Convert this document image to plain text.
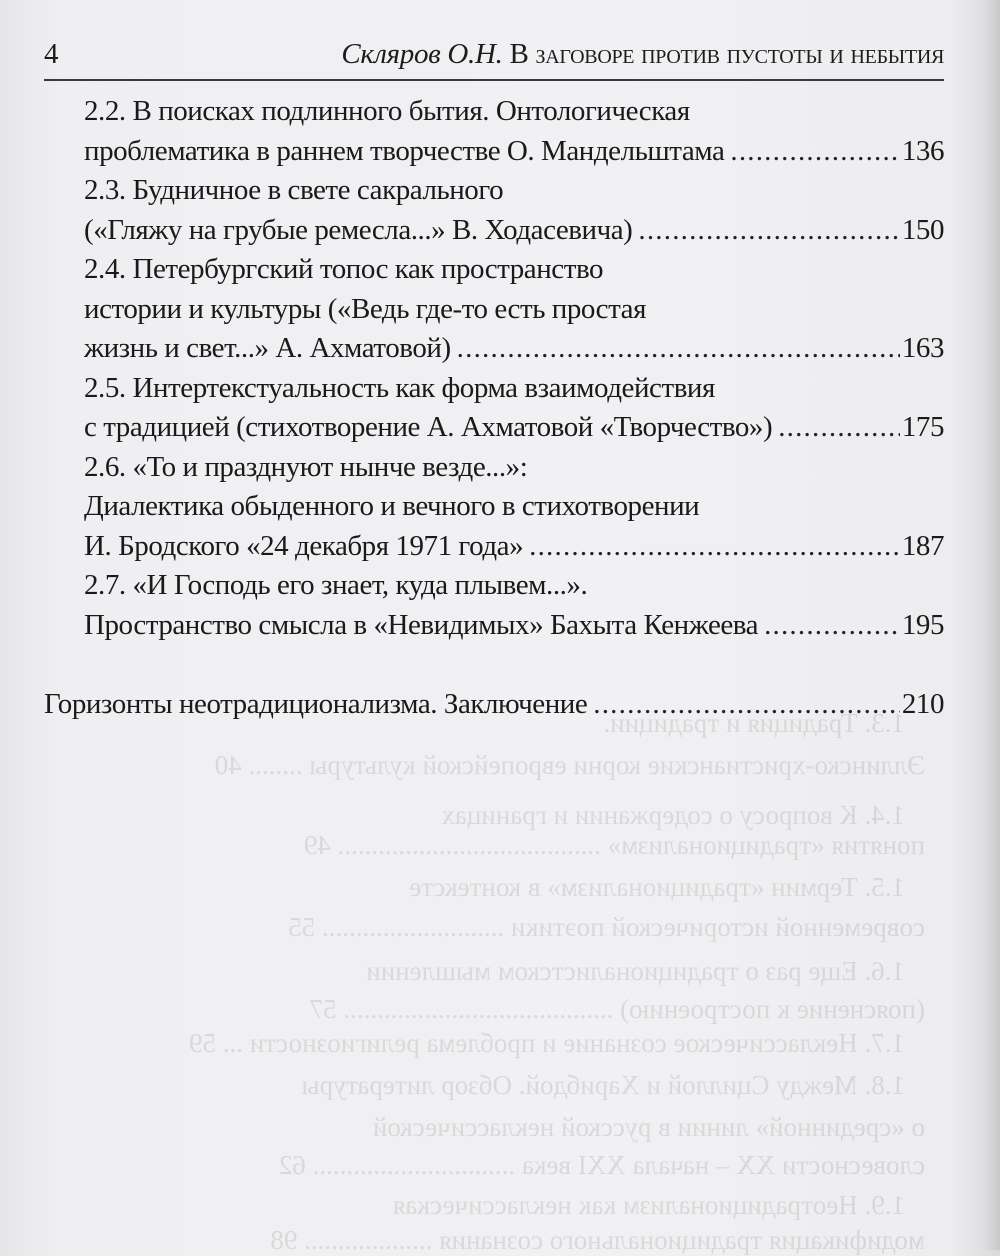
1.3. Традиция и традиции.
Эллинско-христианские корни европейской культуры ........ 40
1.4. К вопросу о содержании и границах
понятия «традиционализм» ....................................... 49
1.5. Термин «традиционализм» в контексте
современной исторической поэтики ........................... 55
1.6. Еще раз о традиционалистском мышлении
(пояснение к построению) ........................................ 57
1.7. Неклассическое сознание и проблема религиозности ... 59
1.8. Между Сциллой и Харибдой. Обзор литературы
о «срединной» линии в русской неклассической
словесности XX – начала XXI века .............................. 62
1.9. Неотрадиционализм как неклассическая
модификация традиционального сознания ................... 98
4	Скляров О.Н. В заговоре против пустоты и небытия
2.2. В поисках подлинного бытия. Онтологическая
проблематика в раннем творчестве О. Мандельштама .....	136
2.3. Будничное в свете сакрального
(«Гляжу на грубые ремесла...» В. Ходасевича) .....	150
2.4. Петербургский топос как пространство
истории и культуры («Ведь где-то есть простая
жизнь и свет...» А. Ахматовой) .....	163
2.5. Интертекстуальность как форма взаимодействия
с традицией (стихотворение А. Ахматовой «Творчество») .....	175
2.6. «То и празднуют нынче везде...»:
Диалектика обыденного и вечного в стихотворении
И. Бродского «24 декабря 1971 года» .....	187
2.7. «И Господь его знает, куда плывем...».
Пространство смысла в «Невидимых» Бахыта Кенжеева .....	195
Горизонты неотрадиционализма. Заключение .....	210
